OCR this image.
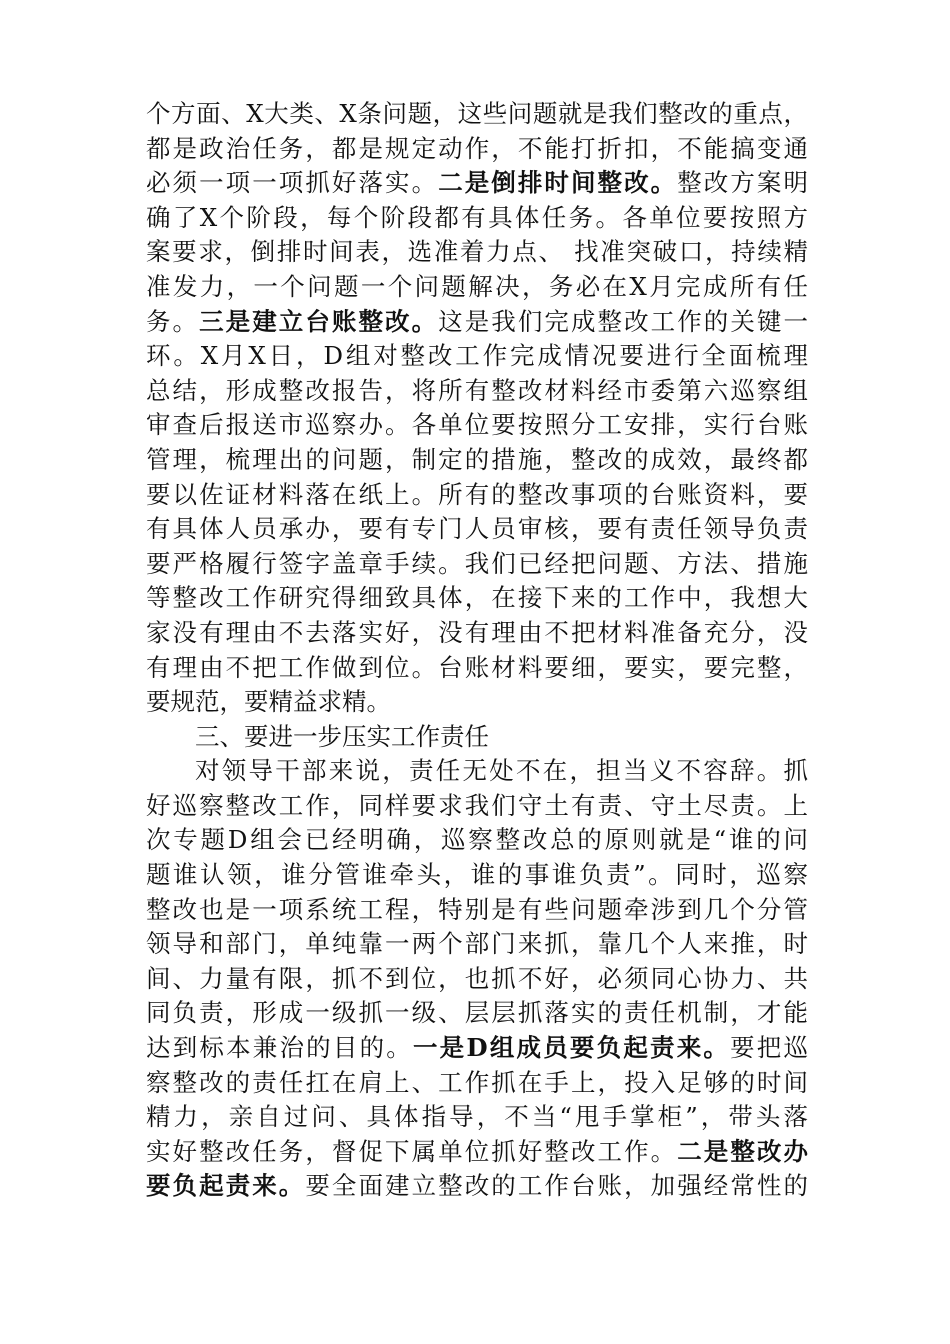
个方面、X大类、X条问题，这些问题就是我们整改的重点，
都是政治任务，都是规定动作，不能打折扣，不能搞变通
必须一项一项抓好落实。二是倒排时间整改。整改方案明
确了X个阶段，每个阶段都有具体任务。各单位要按照方
案要求，倒排时间表，选准着力点、 找准突破口，持续精
准发力，一个问题一个问题解决，务必在X月完成所有任
务。三是建立台账整改。这是我们完成整改工作的关键一
环。X月X日，D组对整改工作完成情况要进行全面梳理
总结，形成整改报告，将所有整改材料经市委第六巡察组
审查后报送市巡察办。各单位要按照分工安排，实行台账
管理，梳理出的问题，制定的措施，整改的成效，最终都
要以佐证材料落在纸上。所有的整改事项的台账资料，要
有具体人员承办，要有专门人员审核，要有责任领导负责
要严格履行签字盖章手续。我们已经把问题、方法、措施
等整改工作研究得细致具体，在接下来的工作中，我想大
家没有理由不去落实好，没有理由不把材料准备充分，没
有理由不把工作做到位。台账材料要细，要实，要完整，
要规范，要精益求精。
三、要进一步压实工作责任
对领导干部来说，责任无处不在，担当义不容辞。抓
好巡察整改工作，同样要求我们守土有责、守土尽责。上
次专题D组会已经明确，巡察整改总的原则就是“谁的问
题谁认领，谁分管谁牵头，谁的事谁负责”。同时，巡察
整改也是一项系统工程，特别是有些问题牵涉到几个分管
领导和部门，单纯靠一两个部门来抓，靠几个人来推，时
间、力量有限，抓不到位，也抓不好，必须同心协力、共
同负责，形成一级抓一级、层层抓落实的责任机制，才能
达到标本兼治的目的。一是D组成员要负起责来。要把巡
察整改的责任扛在肩上、工作抓在手上，投入足够的时间
精力，亲自过问、具体指导，不当“甩手掌柜”，带头落
实好整改任务，督促下属单位抓好整改工作。二是整改办
要负起责来。要全面建立整改的工作台账，加强经常性的
